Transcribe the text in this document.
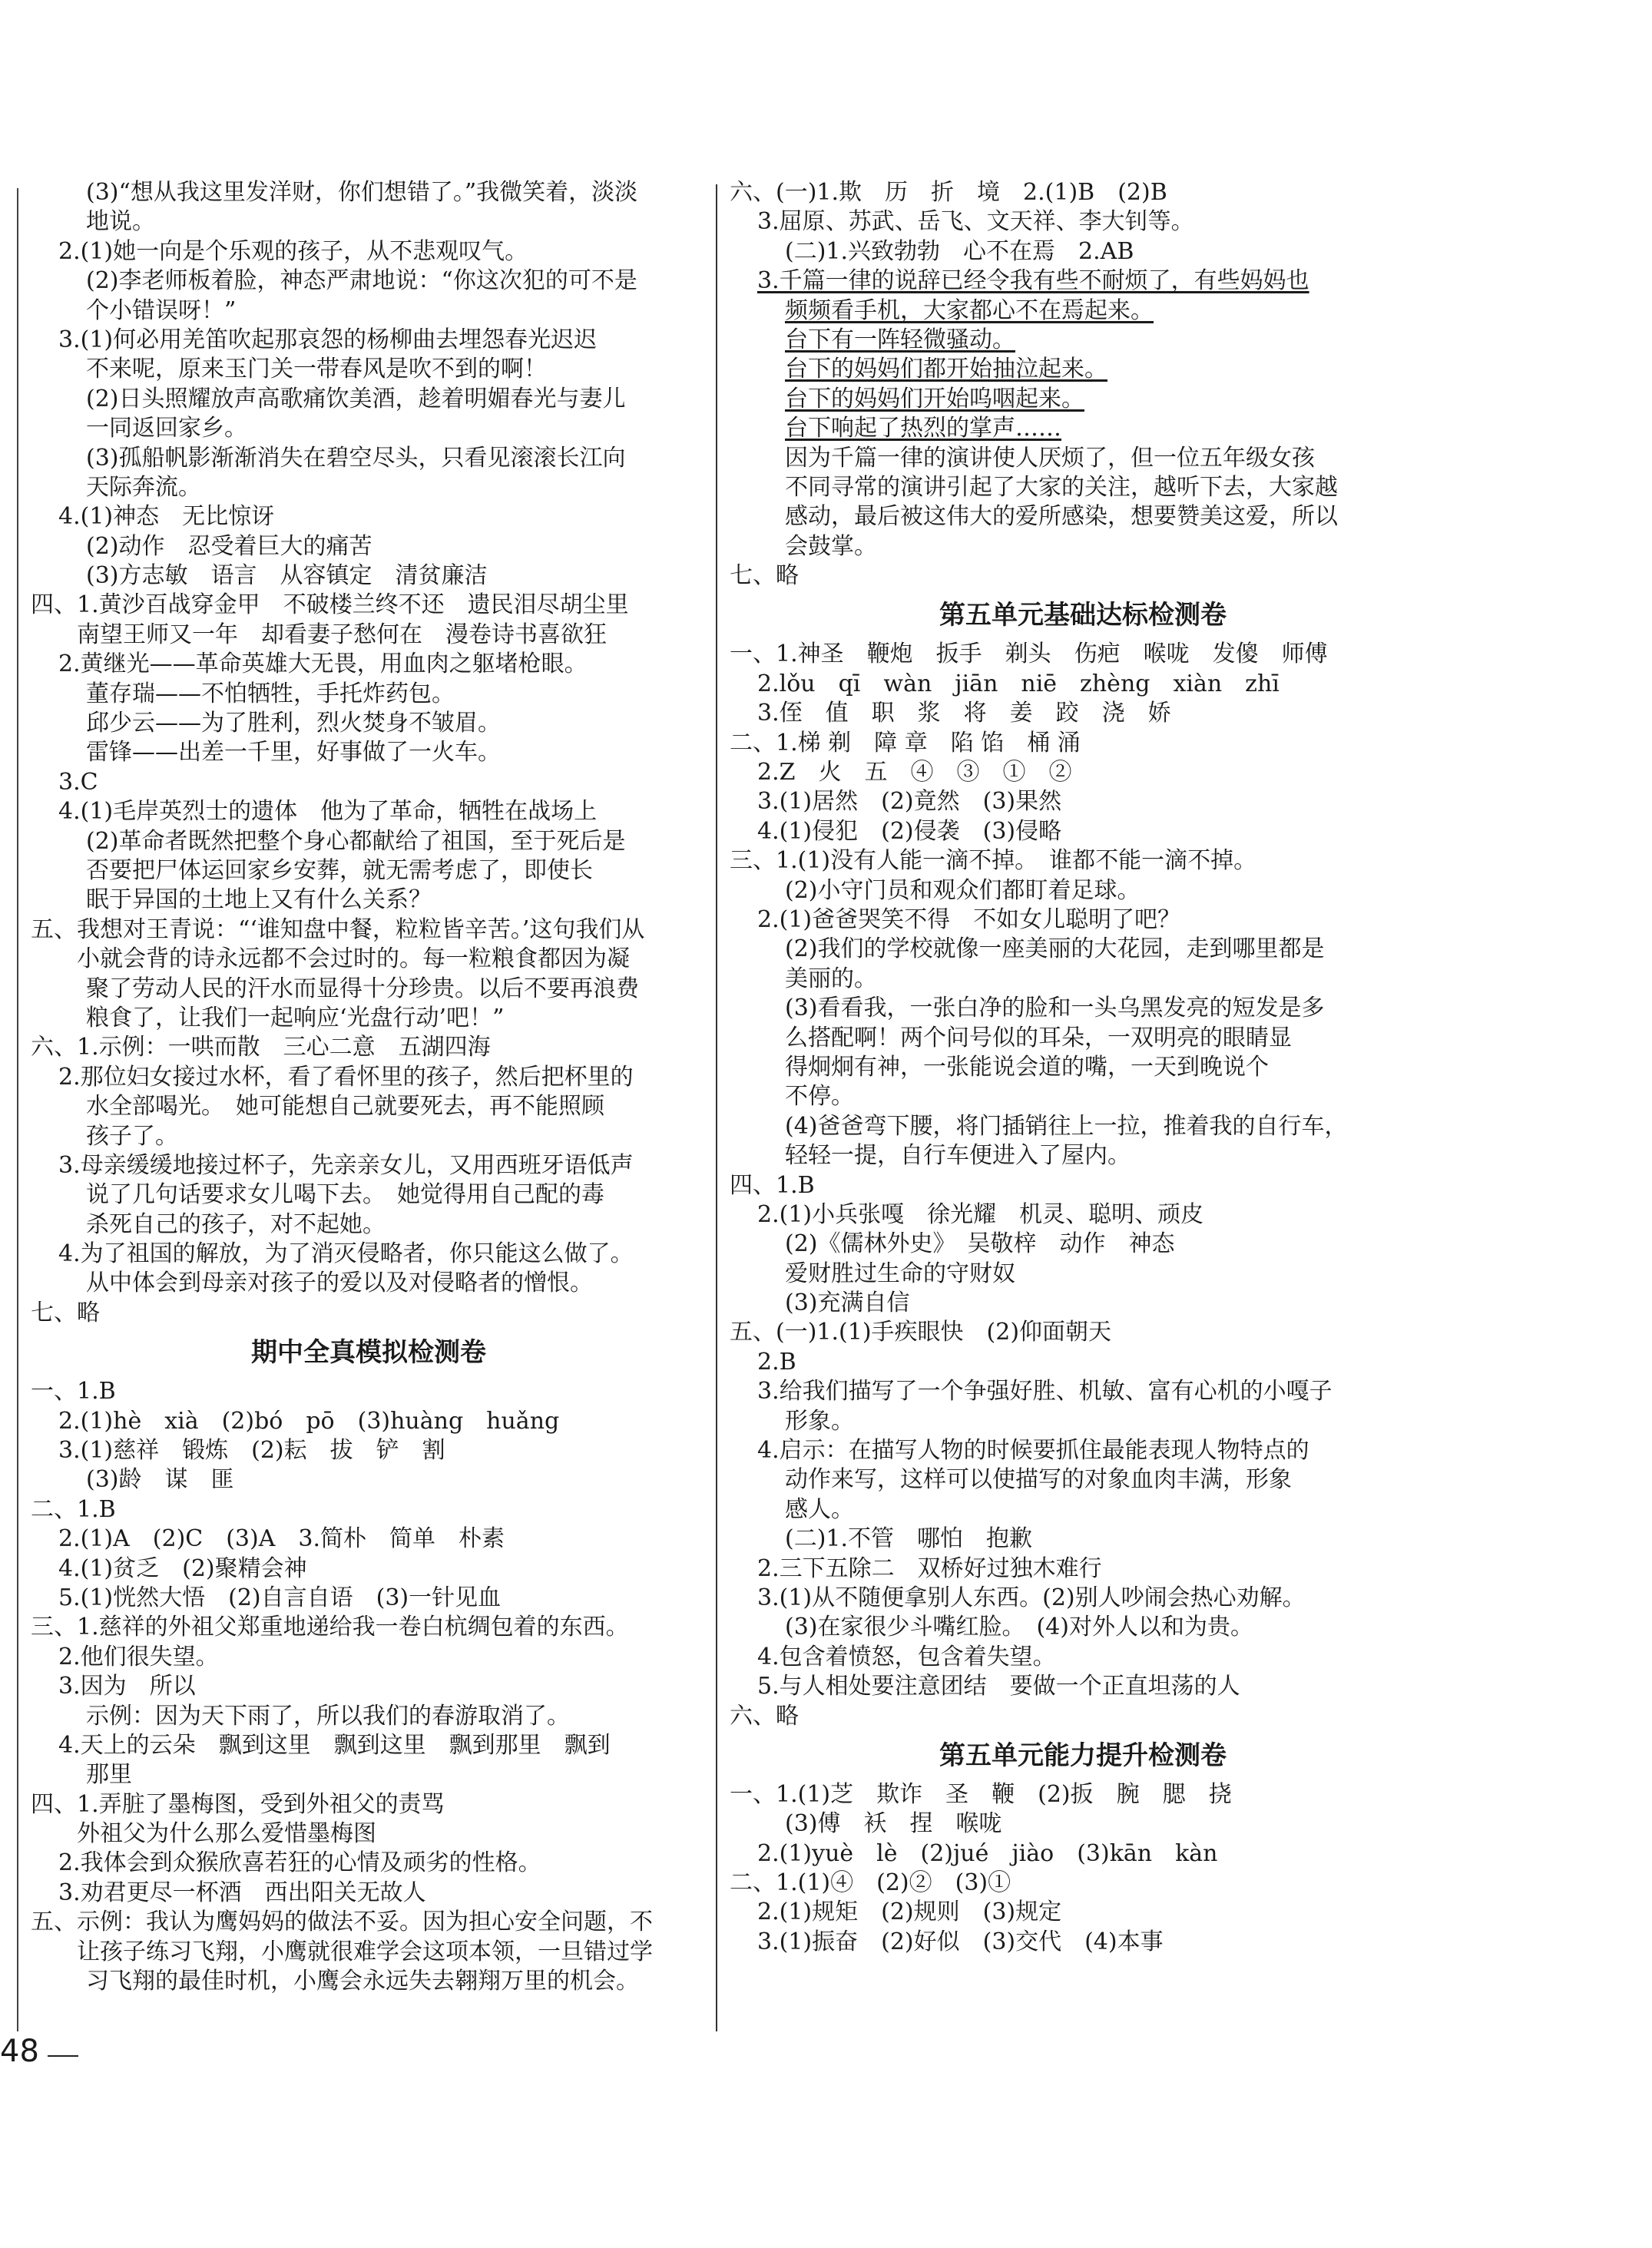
(3)“想从我这里发洋财，你们想错了。”我微笑着，淡淡
地说。
2.(1)她一向是个乐观的孩子，从不悲观叹气。
(2)李老师板着脸，神态严肃地说：“你这次犯的可不是
个小错误呀！”
3.(1)何必用羌笛吹起那哀怨的杨柳曲去埋怨春光迟迟
不来呢，原来玉门关一带春风是吹不到的啊！
(2)日头照耀放声高歌痛饮美酒，趁着明媚春光与妻儿
一同返回家乡。
(3)孤船帆影渐渐消失在碧空尽头，只看见滚滚长江向
天际奔流。
4.(1)神态　无比惊讶
(2)动作　忍受着巨大的痛苦
(3)方志敏　语言　从容镇定　清贫廉洁
四、1.黄沙百战穿金甲　不破楼兰终不还　遗民泪尽胡尘里
南望王师又一年　却看妻子愁何在　漫卷诗书喜欲狂
2.黄继光——革命英雄大无畏，用血肉之躯堵枪眼。
董存瑞——不怕牺牲，手托炸药包。
邱少云——为了胜利，烈火焚身不皱眉。
雷锋——出差一千里，好事做了一火车。
3.C
4.(1)毛岸英烈士的遗体　他为了革命，牺牲在战场上
(2)革命者既然把整个身心都献给了祖国，至于死后是
否要把尸体运回家乡安葬，就无需考虑了，即使长
眠于异国的土地上又有什么关系？
五、我想对王青说：“‘谁知盘中餐，粒粒皆辛苦。’这句我们从
小就会背的诗永远都不会过时的。每一粒粮食都因为凝
聚了劳动人民的汗水而显得十分珍贵。以后不要再浪费
粮食了，让我们一起响应‘光盘行动’吧！”
六、1.示例：一哄而散　三心二意　五湖四海
2.那位妇女接过水杯，看了看怀里的孩子，然后把杯里的
水全部喝光。　她可能想自己就要死去，再不能照顾
孩子了。
3.母亲缓缓地接过杯子，先亲亲女儿，又用西班牙语低声
说了几句话要求女儿喝下去。　她觉得用自己配的毒
杀死自己的孩子，对不起她。
4.为了祖国的解放，为了消灭侵略者，你只能这么做了。
从中体会到母亲对孩子的爱以及对侵略者的憎恨。
七、略
期中全真模拟检测卷
一、1.B
2.(1)hè　xià　(2)bó　pō　(3)huàng　huǎng
3.(1)慈祥　锻炼　(2)耘　拔　铲　割
(3)龄　谋　匪
二、1.B
2.(1)A　(2)C　(3)A　3.简朴　简单　朴素
4.(1)贫乏　(2)聚精会神
5.(1)恍然大悟　(2)自言自语　(3)一针见血
三、1.慈祥的外祖父郑重地递给我一卷白杭绸包着的东西。
2.他们很失望。
3.因为　所以
示例：因为天下雨了，所以我们的春游取消了。
4.天上的云朵　飘到这里　飘到这里　飘到那里　飘到
那里
四、1.弄脏了墨梅图，受到外祖父的责骂
外祖父为什么那么爱惜墨梅图
2.我体会到众猴欣喜若狂的心情及顽劣的性格。
3.劝君更尽一杯酒　西出阳关无故人
五、示例：我认为鹰妈妈的做法不妥。因为担心安全问题，不
让孩子练习飞翔，小鹰就很难学会这项本领，一旦错过学
习飞翔的最佳时机，小鹰会永远失去翱翔万里的机会。
六、(一)1.欺　历　折　境　2.(1)B　(2)B
3.屈原、苏武、岳飞、文天祥、李大钊等。
(二)1.兴致勃勃　心不在焉　2.AB
3.千篇一律的说辞已经令我有些不耐烦了，有些妈妈也
频频看手机，大家都心不在焉起来。
台下有一阵轻微骚动。
台下的妈妈们都开始抽泣起来。
台下的妈妈们开始呜咽起来。
台下响起了热烈的掌声……
因为千篇一律的演讲使人厌烦了，但一位五年级女孩
不同寻常的演讲引起了大家的关注，越听下去，大家越
感动，最后被这伟大的爱所感染，想要赞美这爱，所以
会鼓掌。
七、略
第五单元基础达标检测卷
一、1.神圣　鞭炮　扳手　剃头　伤疤　喉咙　发傻　师傅
2.lǒu　qī　wàn　jiān　niē　zhèng　xiàn　zhī
3.侄　值　职　浆　将　姜　跤　浇　娇
二、1.梯 剃　障 章　陷 馅　桶 涌
2.Z　火　五　④　③　①　②
3.(1)居然　(2)竟然　(3)果然
4.(1)侵犯　(2)侵袭　(3)侵略
三、1.(1)没有人能一滴不掉。　谁都不能一滴不掉。
(2)小守门员和观众们都盯着足球。
2.(1)爸爸哭笑不得　不如女儿聪明了吧？
(2)我们的学校就像一座美丽的大花园，走到哪里都是
美丽的。
(3)看看我，一张白净的脸和一头乌黑发亮的短发是多
么搭配啊！两个问号似的耳朵，一双明亮的眼睛显
得炯炯有神，一张能说会道的嘴，一天到晚说个
不停。
(4)爸爸弯下腰，将门插销往上一拉，推着我的自行车，
轻轻一提，自行车便进入了屋内。
四、1.B
2.(1)小兵张嘎　徐光耀　机灵、聪明、顽皮
(2)《儒林外史》　吴敬梓　动作　神态
爱财胜过生命的守财奴
(3)充满自信
五、(一)1.(1)手疾眼快　(2)仰面朝天
2.B
3.给我们描写了一个争强好胜、机敏、富有心机的小嘎子
形象。
4.启示：在描写人物的时候要抓住最能表现人物特点的
动作来写，这样可以使描写的对象血肉丰满，形象
感人。
(二)1.不管　哪怕　抱歉
2.三下五除二　双桥好过独木难行
3.(1)从不随便拿别人东西。(2)别人吵闹会热心劝解。
(3)在家很少斗嘴红脸。　(4)对外人以和为贵。
4.包含着愤怒，包含着失望。
5.与人相处要注意团结　要做一个正直坦荡的人
六、略
第五单元能力提升检测卷
一、1.(1)芝　欺诈　圣　鞭　(2)扳　腕　腮　挠
(3)傅　袄　捏　喉咙
2.(1)yuè　lè　(2)jué　jiào　(3)kān　kàn
二、1.(1)④　(2)②　(3)①
2.(1)规矩　(2)规则　(3)规定
3.(1)振奋　(2)好似　(3)交代　(4)本事
48
